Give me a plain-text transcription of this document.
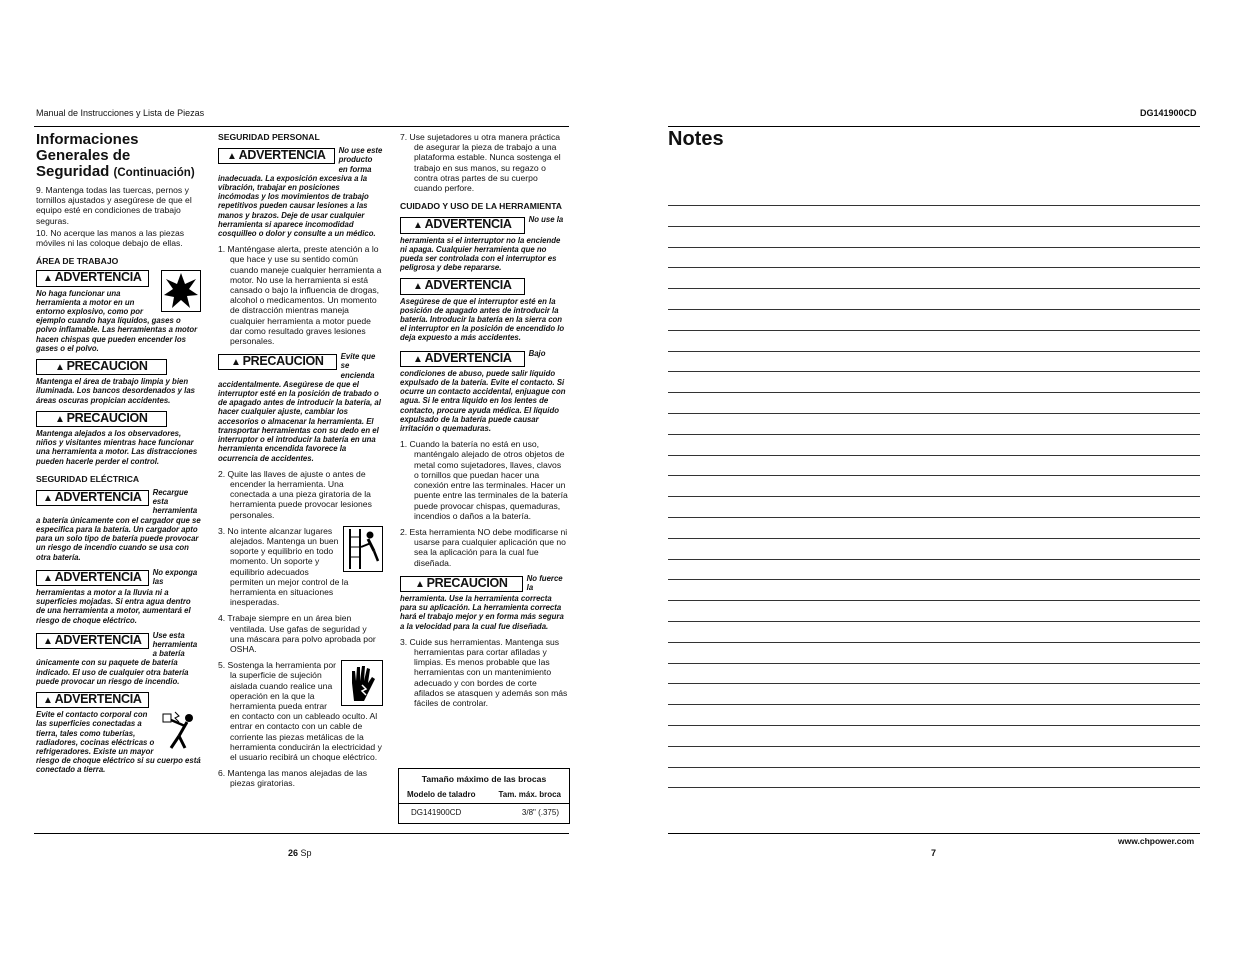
Manual de Instrucciones y Lista de Piezas	DG141900CD
Informaciones Generales de Seguridad (Continuación)
9. Mantenga todas las tuercas, pernos y tornillos ajustados y asegúrese de que el equipo esté en condiciones de trabajo seguras.
10. No acerque las manos a las piezas móviles ni las coloque debajo de ellas.
ÁREA DE TRABAJO
▲ ADVERTENCIA
No haga funcionar una herramienta a motor en un entorno explosivo, como por ejemplo cuando haya líquidos, gases o polvo inflamable. Las herramientas a motor hacen chispas que pueden encender los gases o el polvo.
▲ PRECAUCION
Mantenga el área de trabajo limpia y bien iluminada. Los bancos desordenados y las áreas oscuras propician accidentes.
▲ PRECAUCION
Mantenga alejados a los observadores, niños y visitantes mientras hace funcionar una herramienta a motor. Las distracciones pueden hacerle perder el control.
SEGURIDAD ELÉCTRICA
▲ ADVERTENCIA	Recargue esta herramienta a batería únicamente con el cargador que se especifica para la batería. Un cargador apto para un solo tipo de batería puede provocar un riesgo de incendio cuando se usa con otra batería.
▲ ADVERTENCIA	No exponga las herramientas a motor a la lluvia ni a superficies mojadas. Si entra agua dentro de una herramienta a motor, aumentará el riesgo de choque eléctrico.
▲ ADVERTENCIA	Use esta herramienta a batería únicamente con su paquete de batería indicado. El uso de cualquier otra batería puede provocar un riesgo de incendio.
▲ ADVERTENCIA
Evite el contacto corporal con las superficies conectadas a tierra, tales como tuberías, radiadores, cocinas eléctricas o refrigeradores. Existe un mayor riesgo de choque eléctrico si su cuerpo está conectado a tierra.
SEGURIDAD PERSONAL
▲ ADVERTENCIA	No use este producto en forma inadecuada. La exposición excesiva a la vibración, trabajar en posiciones incómodas y los movimientos de trabajo repetitivos pueden causar lesiones a las manos y brazos. Deje de usar cualquier herramienta si aparece incomodidad cosquilleo o dolor y consulte a un médico.
1. Manténgase alerta, preste atención a lo que hace y use su sentido común cuando maneje cualquier herramienta a motor. No use la herramienta si está cansado o bajo la influencia de drogas, alcohol o medicamentos. Un momento de distracción mientras maneja cualquier herramienta a motor puede dar como resultado graves lesiones personales.
▲ PRECAUCION	Evite que se encienda accidentalmente. Asegúrese de que el interruptor esté en la posición de trabado o de apagado antes de introducir la batería, al hacer cualquier ajuste, cambiar los accesorios o almacenar la herramienta. El transportar herramientas con su dedo en el interruptor o el introducir la batería en una herramienta encendida favorece la ocurrencia de accidentes.
2. Quite las llaves de ajuste o antes de encender la herramienta. Una conectada a una pieza giratoria de la herramienta puede provocar lesiones personales.
3. No intente alcanzar lugares alejados. Mantenga un buen soporte y equilibrio en todo momento. Un soporte y equilibrio adecuados permiten un mejor control de la herramienta en situaciones inesperadas.
4. Trabaje siempre en un área bien ventilada. Use gafas de seguridad y una máscara para polvo aprobada por OSHA.
5. Sostenga la herramienta por la superficie de sujeción aislada cuando realice una operación en la que la herramienta pueda entrar en contacto con un cableado oculto. Al entrar en contacto con un cable de corriente las piezas metálicas de la herramienta conducirán la electricidad y el usuario recibirá un choque eléctrico.
6. Mantenga las manos alejadas de las piezas giratorias.
7. Use sujetadores u otra manera práctica de asegurar la pieza de trabajo a una plataforma estable. Nunca sostenga el trabajo en sus manos, su regazo o contra otras partes de su cuerpo cuando perfore.
CUIDADO Y USO DE LA HERRAMIENTA
▲ ADVERTENCIA	No use la herramienta si el interruptor no la enciende ni apaga. Cualquier herramienta que no pueda ser controlada con el interruptor es peligrosa y debe repararse.
▲ ADVERTENCIA
Asegúrese de que el interruptor esté en la posición de apagado antes de introducir la batería. Introducir la batería en la sierra con el interruptor en la posición de encendido lo deja expuesto a más accidentes.
▲ ADVERTENCIA	Bajo condiciones de abuso, puede salir líquido expulsado de la batería. Evite el contacto. Si ocurre un contacto accidental, enjuague con agua. Si le entra líquido en los lentes de contacto, procure ayuda médica. El líquido expulsado de la batería puede causar irritación o quemaduras.
1. Cuando la batería no está en uso, manténgalo alejado de otros objetos de metal como sujetadores, llaves, clavos o tornillos que puedan hacer una conexión entre las terminales. Hacer un puente entre las terminales de la batería puede provocar chispas, quemaduras, incendios o daños a la batería.
2. Esta herramienta NO debe modificarse ni usarse para cualquier aplicación que no sea la aplicación para la cual fue diseñada.
▲ PRECAUCION	No fuerce la herramienta. Use la herramienta correcta para su aplicación. La herramienta correcta hará el trabajo mejor y en forma más segura a la velocidad para la cual fue diseñada.
3. Cuide sus herramientas. Mantenga sus herramientas para cortar afiladas y limpias. Es menos probable que las herramientas con un mantenimiento adecuado y con bordes de corte afilados se atasquen y además son más fáciles de controlar.
Tamaño máximo de las brocas
Modelo de taladro	Tam. máx. broca
DG141900CD	3/8" (.375)
26 Sp	7
www.chpower.com
Notes
